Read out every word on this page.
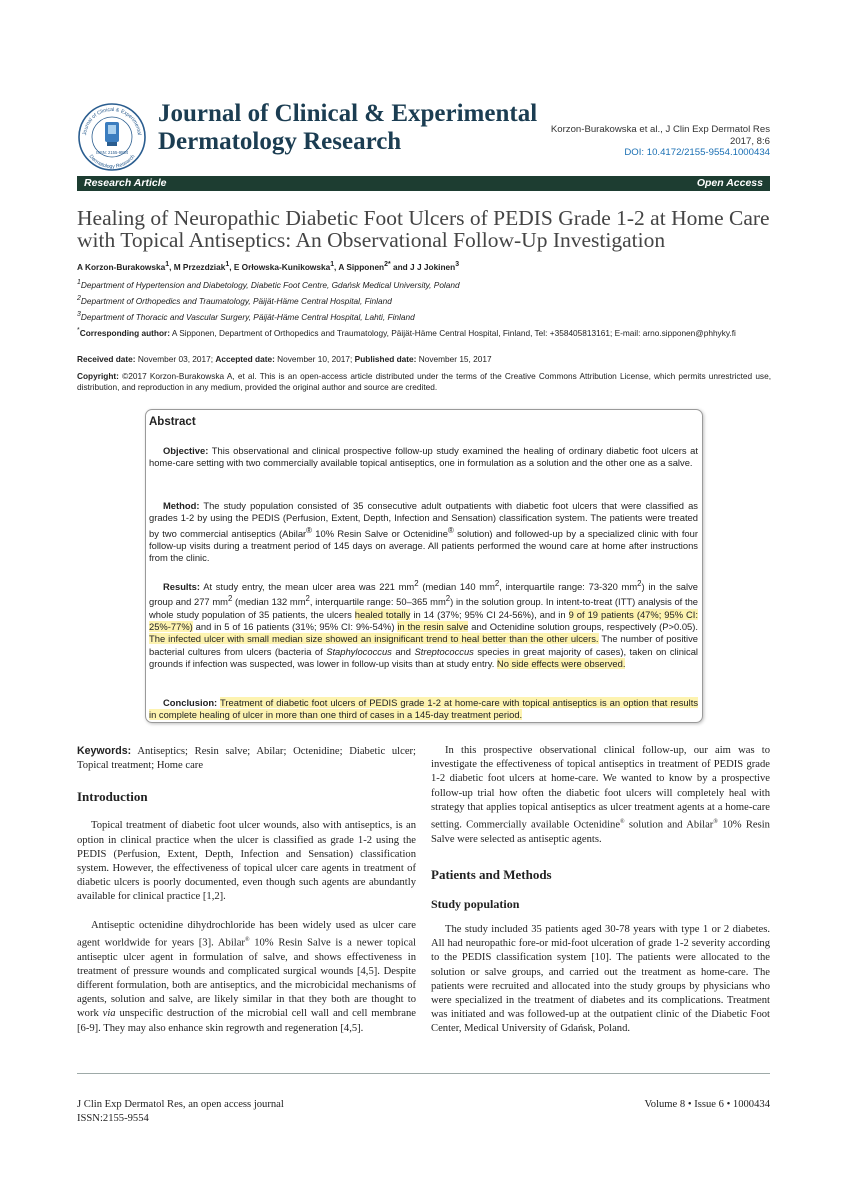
Journal of Clinical & Experimental
Dermatology Research
ISSN: 2155-9554
Journal of Clinical & Experimental
Dermatology Research	Korzon-Burakowska et al., J Clin Exp Dermatol Res
2017, 8:6
DOI: 10.4172/2155-9554.1000434
Research Article	Open Access
Healing of Neuropathic Diabetic Foot Ulcers of PEDIS Grade 1-2 at Home Care with Topical Antiseptics: An Observational Follow-Up Investigation
A Korzon-Burakowska$^1$, M Przezdziak$^1$, E Orłowska-Kunikowska$^1$, A Sipponen$^{2*}$ and J J Jokinen$^3$
$^1$Department of Hypertension and Diabetology, Diabetic Foot Centre, Gdańsk Medical University, Poland
$^2$Department of Orthopedics and Traumatology, Päijät-Häme Central Hospital, Finland
$^3$Department of Thoracic and Vascular Surgery, Päijät-Häme Central Hospital, Lahti, Finland
*Corresponding author: A Sipponen, Department of Orthopedics and Traumatology, Päijät-Häme Central Hospital, Finland, Tel: +358405813161; E-mail: arno.sipponen@phhyky.fi
Received date: November 03, 2017; Accepted date: November 10, 2017; Published date: November 15, 2017
Copyright: ©2017 Korzon-Burakowska A, et al. This is an open-access article distributed under the terms of the Creative Commons Attribution License, which permits unrestricted use, distribution, and reproduction in any medium, provided the original author and source are credited.
Abstract
Objective: This observational and clinical prospective follow-up study examined the healing of ordinary diabetic foot ulcers at home-care setting with two commercially available topical antiseptics, one in formulation as a solution and the other one as a salve.
Method: The study population consisted of 35 consecutive adult outpatients with diabetic foot ulcers that were classified as grades 1-2 by using the PEDIS (Perfusion, Extent, Depth, Infection and Sensation) classification system. The patients were treated by two commercial antiseptics (Abilar® 10% Resin Salve or Octenidine® solution) and followed-up by a specialized clinic with four follow-up visits during a treatment period of 145 days on average. All patients performed the wound care at home after instructions from the clinic.
Results: At study entry, the mean ulcer area was 221 $mm^2$ (median 140 $mm^2$, interquartile range: 73-320 $mm^2$) in the salve group and 277 $mm^2$ (median 132 $mm^2$, interquartile range: 50–365 $mm^2$) in the solution group. In intent-to-treat (ITT) analysis of the whole study population of 35 patients, the ulcers healed totally in 14 (37%; 95% CI 24-56%), and in 9 of 19 patients (47%; 95% CI: 25%-77%) and in 5 of 16 patients (31%; 95% CI: 9%-54%) in the resin salve and Octenidine solution groups, respectively (P>0.05). The infected ulcer with small median size showed an insignificant trend to heal better than the other ulcers. The number of positive bacterial cultures from ulcers (bacteria of Staphylococcus and Streptococcus species in great majority of cases), taken on clinical grounds if infection was suspected, was lower in follow-up visits than at study entry. No side effects were observed.
Conclusion: Treatment of diabetic foot ulcers of PEDIS grade 1-2 at home-care with topical antiseptics is an option that results in complete healing of ulcer in more than one third of cases in a 145-day treatment period.

Keywords: Antiseptics; Resin salve; Abilar; Octenidine; Diabetic ulcer; Topical treatment; Home care

Introduction

Topical treatment of diabetic foot ulcer wounds, also with antiseptics, is an option in clinical practice when the ulcer is classified as grade 1-2 using the PEDIS (Perfusion, Extent, Depth, Infection and Sensation) classification system. However, the effectiveness of topical ulcer care agents in treatment of diabetic ulcers is poorly documented, even though such agents are abundantly available for clinical practice [1,2].

Antiseptic octenidine dihydrochloride has been widely used as ulcer care agent worldwide for years [3]. Abilar® 10% Resin Salve is a newer topical antiseptic ulcer agent in formulation of salve, and shows effectiveness in treatment of pressure wounds and complicated surgical wounds [4,5]. Despite different formulation, both are antiseptics, and the microbicidal mechanisms of agents, solution and salve, are likely similar in that they both are thought to work via unspecific destruction of the microbial cell wall and cell membrane [6-9]. They may also enhance skin regrowth and regeneration [4,5].

In this prospective observational clinical follow-up, our aim was to investigate the effectiveness of topical antiseptics in treatment of PEDIS grade 1-2 diabetic foot ulcers at home-care. We wanted to know by a prospective follow-up trial how often the diabetic foot ulcers will completely heal with strategy that applies topical antiseptics as ulcer treatment agents at a home-care setting. Commercially available Octenidine® solution and Abilar® 10% Resin Salve were selected as antiseptic agents.

Patients and Methods
Study population

The study included 35 patients aged 30-78 years with type 1 or 2 diabetes. All had neuropathic fore-or mid-foot ulceration of grade 1-2 severity according to the PEDIS classification system [10]. The patients were allocated to the solution or salve groups, and carried out the treatment as home-care. The patients were recruited and allocated into the study groups by physicians who were specialized in the treatment of diabetes and its complications. Treatment was initiated and was followed-up at the outpatient clinic of the Diabetic Foot Center, Medical University of Gdańsk, Poland.

J Clin Exp Dermatol Res, an open access journal
ISSN:2155-9554
Volume 8 • Issue 6 • 1000434
